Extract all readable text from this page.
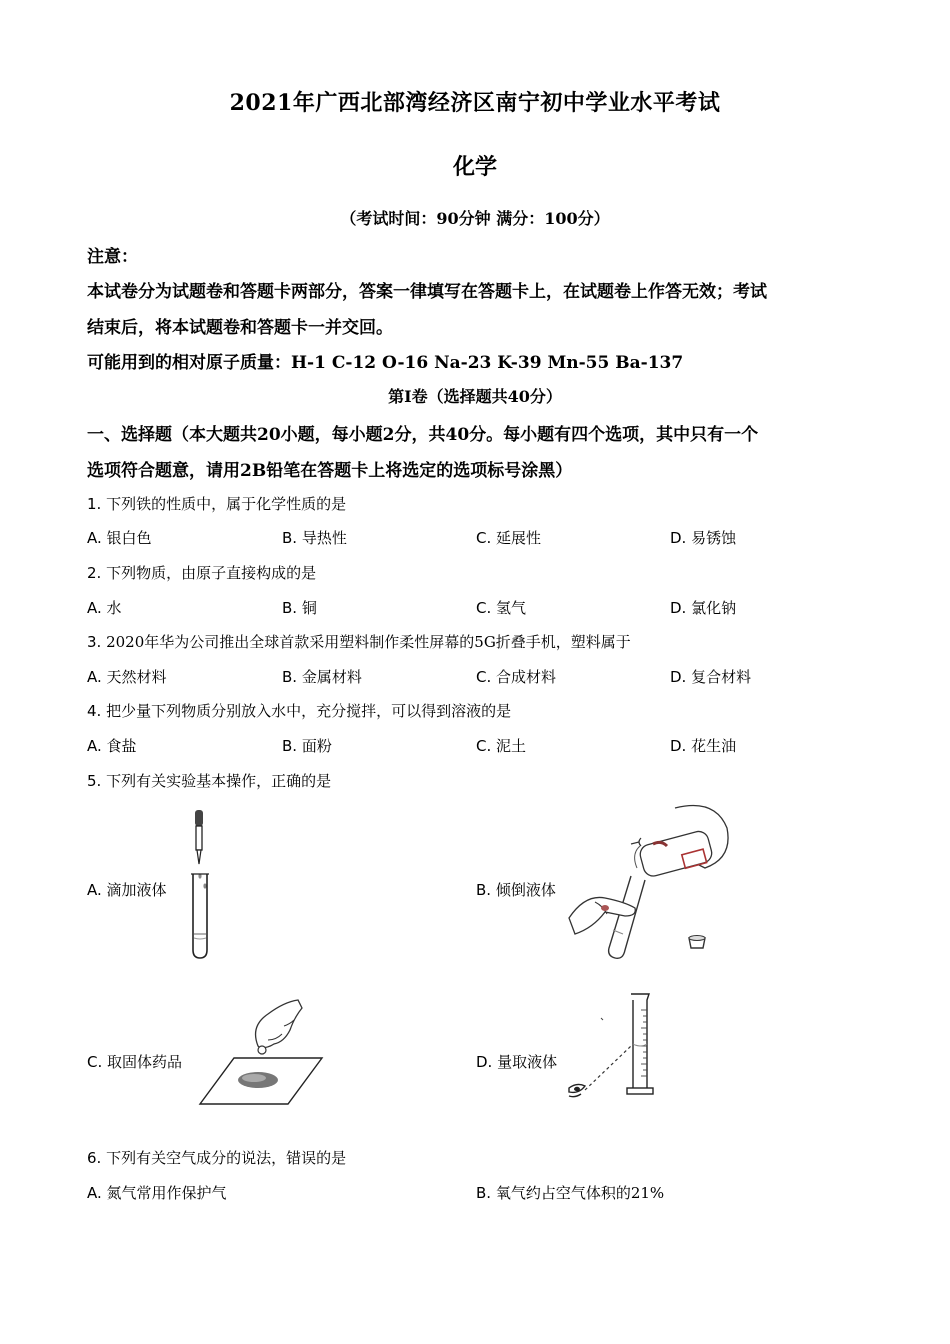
2021年广西北部湾经济区南宁初中学业水平考试
化学
（考试时间：90分钟 满分：100分）
注意：
本试卷分为试题卷和答题卡两部分，答案一律填写在答题卡上，在试题卷上作答无效；考试
结束后，将本试题卷和答题卡一并交回。
可能用到的相对原子质量：H-1 C-12 O-16 Na-23 K-39 Mn-55 Ba-137
第Ⅰ卷（选择题共40分）
一、选择题（本大题共20小题，每小题2分，共40分。每小题有四个选项，其中只有一个
选项符合题意，请用2B铅笔在答题卡上将选定的选项标号涂黑）
1. 下列铁的性质中，属于化学性质的是
A. 银白色	B. 导热性	C. 延展性	D. 易锈蚀
2. 下列物质，由原子直接构成的是
A. 水	B. 铜	C. 氢气	D. 氯化钠
3. 2020年华为公司推出全球首款采用塑料制作柔性屏幕的5G折叠手机，塑料属于
A. 天然材料	B. 金属材料	C. 合成材料	D. 复合材料
4. 把少量下列物质分别放入水中，充分搅拌，可以得到溶液的是
A. 食盐	B. 面粉	C. 泥土	D. 花生油
5. 下列有关实验基本操作，正确的是
A. 滴加液体	B. 倾倒液体
C. 取固体药品	D. 量取液体
6. 下列有关空气成分的说法，错误的是
A. 氮气常用作保护气	B. 氧气约占空气体积的21%
